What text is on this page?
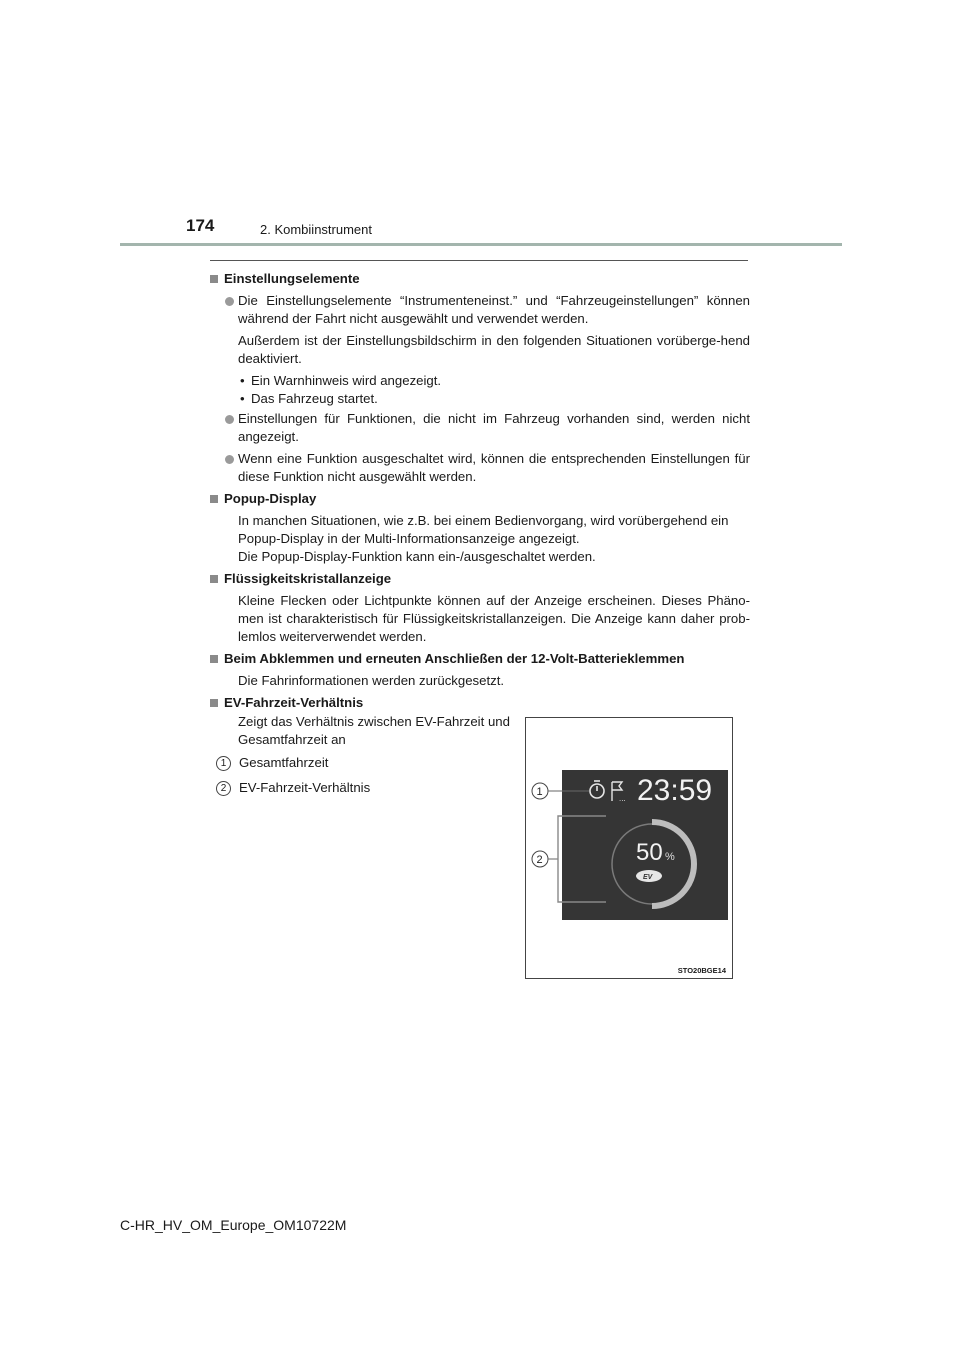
174	2. Kombiinstrument
Einstellungselemente
Die Einstellungselemente “Instrumenteneinst.” und “Fahrzeugeinstellungen” können während der Fahrt nicht ausgewählt und verwendet werden.
Außerdem ist der Einstellungsbildschirm in den folgenden Situationen vorüberge-hend deaktiviert.
• Ein Warnhinweis wird angezeigt.
• Das Fahrzeug startet.
Einstellungen für Funktionen, die nicht im Fahrzeug vorhanden sind, werden nicht angezeigt.
Wenn eine Funktion ausgeschaltet wird, können die entsprechenden Einstellungen für diese Funktion nicht ausgewählt werden.
Popup-Display
In manchen Situationen, wie z.B. bei einem Bedienvorgang, wird vorübergehend ein Popup-Display in der Multi-Informationsanzeige angezeigt.
Die Popup-Display-Funktion kann ein-/ausgeschaltet werden.
Flüssigkeitskristallanzeige
Kleine Flecken oder Lichtpunkte können auf der Anzeige erscheinen. Dieses Phäno-men ist charakteristisch für Flüssigkeitskristallanzeigen. Die Anzeige kann daher prob-lemlos weiterverwendet werden.
Beim Abklemmen und erneuten Anschließen der 12-Volt-Batterieklemmen
Die Fahrinformationen werden zurückgesetzt.
EV-Fahrzeit-Verhältnis
Zeigt das Verhältnis zwischen EV-Fahrzeit und Gesamtfahrzeit an
1 Gesamtfahrzeit
2 EV-Fahrzeit-Verhältnis
... 23:59
50 %
EV
1
2
STO20BGE14
C-HR_HV_OM_Europe_OM10722M
